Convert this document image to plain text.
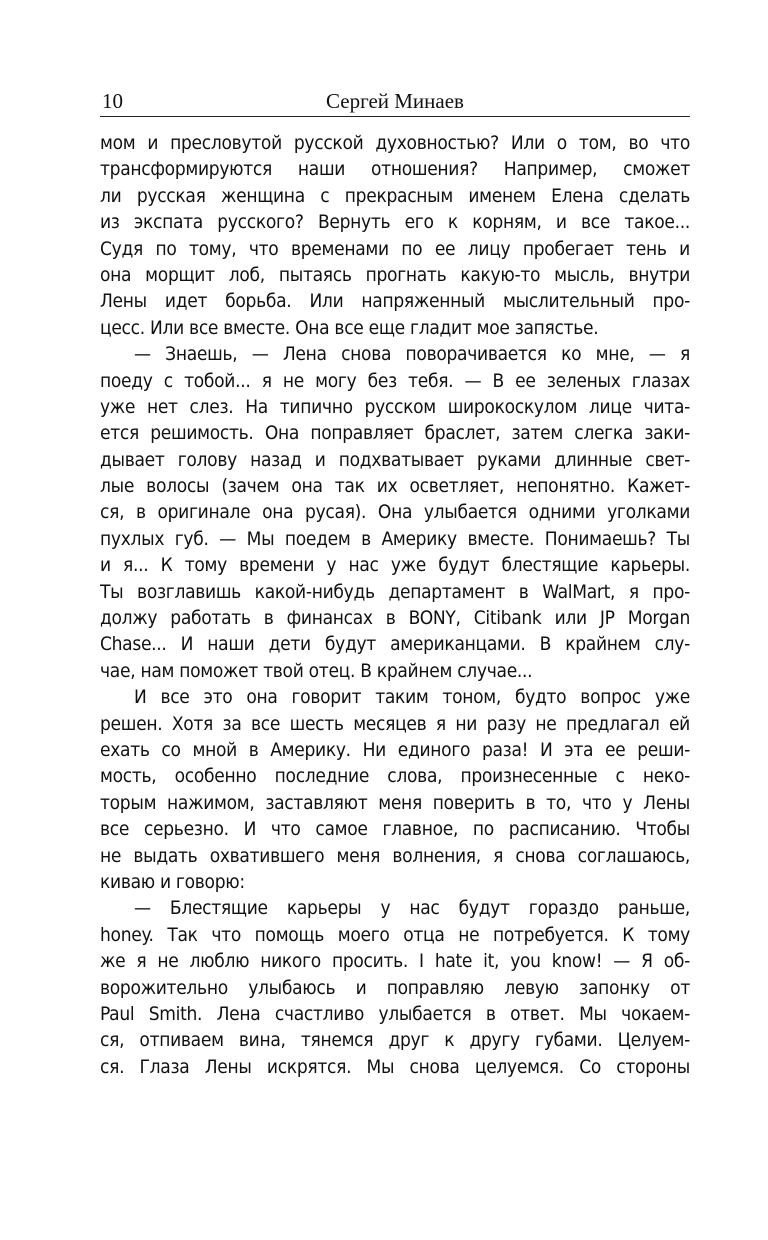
10	Сергей Минаев
мом и пресловутой русской духовностью? Или о том, во что
трансформируются наши отношения? Например, сможет
ли русская женщина с прекрасным именем Елена сделать
из экспата русского? Вернуть его к корням, и все такое...
Судя по тому, что временами по ее лицу пробегает тень и
она морщит лоб, пытаясь прогнать какую-то мысль, внутри
Лены идет борьба. Или напряженный мыслительный про-
цесс. Или все вместе. Она все еще гладит мое запястье.
— Знаешь, — Лена снова поворачивается ко мне, — я
поеду с тобой... я не могу без тебя. — В ее зеленых глазах
уже нет слез. На типично русском широкоскулом лице чита-
ется решимость. Она поправляет браслет, затем слегка заки-
дывает голову назад и подхватывает руками длинные свет-
лые волосы (зачем она так их осветляет, непонятно. Кажет-
ся, в оригинале она русая). Она улыбается одними уголками
пухлых губ. — Мы поедем в Америку вместе. Понимаешь? Ты
и я... К тому времени у нас уже будут блестящие карьеры.
Ты возглавишь какой-нибудь департамент в WalMart, я про-
должу работать в финансах в BONY, Citibank или JP Morgan
Chase... И наши дети будут американцами. В крайнем слу-
чае, нам поможет твой отец. В крайнем случае...
И все это она говорит таким тоном, будто вопрос уже
решен. Хотя за все шесть месяцев я ни разу не предлагал ей
ехать со мной в Америку. Ни единого раза! И эта ее реши-
мость, особенно последние слова, произнесенные с неко-
торым нажимом, заставляют меня поверить в то, что у Лены
все серьезно. И что самое главное, по расписанию. Чтобы
не выдать охватившего меня волнения, я снова соглашаюсь,
киваю и говорю:
— Блестящие карьеры у нас будут гораздо раньше,
honey. Так что помощь моего отца не потребуется. К тому
же я не люблю никого просить. I hate it, you know! — Я об-
ворожительно улыбаюсь и поправляю левую запонку от
Paul Smith. Лена счастливо улыбается в ответ. Мы чокаем-
ся, отпиваем вина, тянемся друг к другу губами. Целуем-
ся. Глаза Лены искрятся. Мы снова целуемся. Со стороны
